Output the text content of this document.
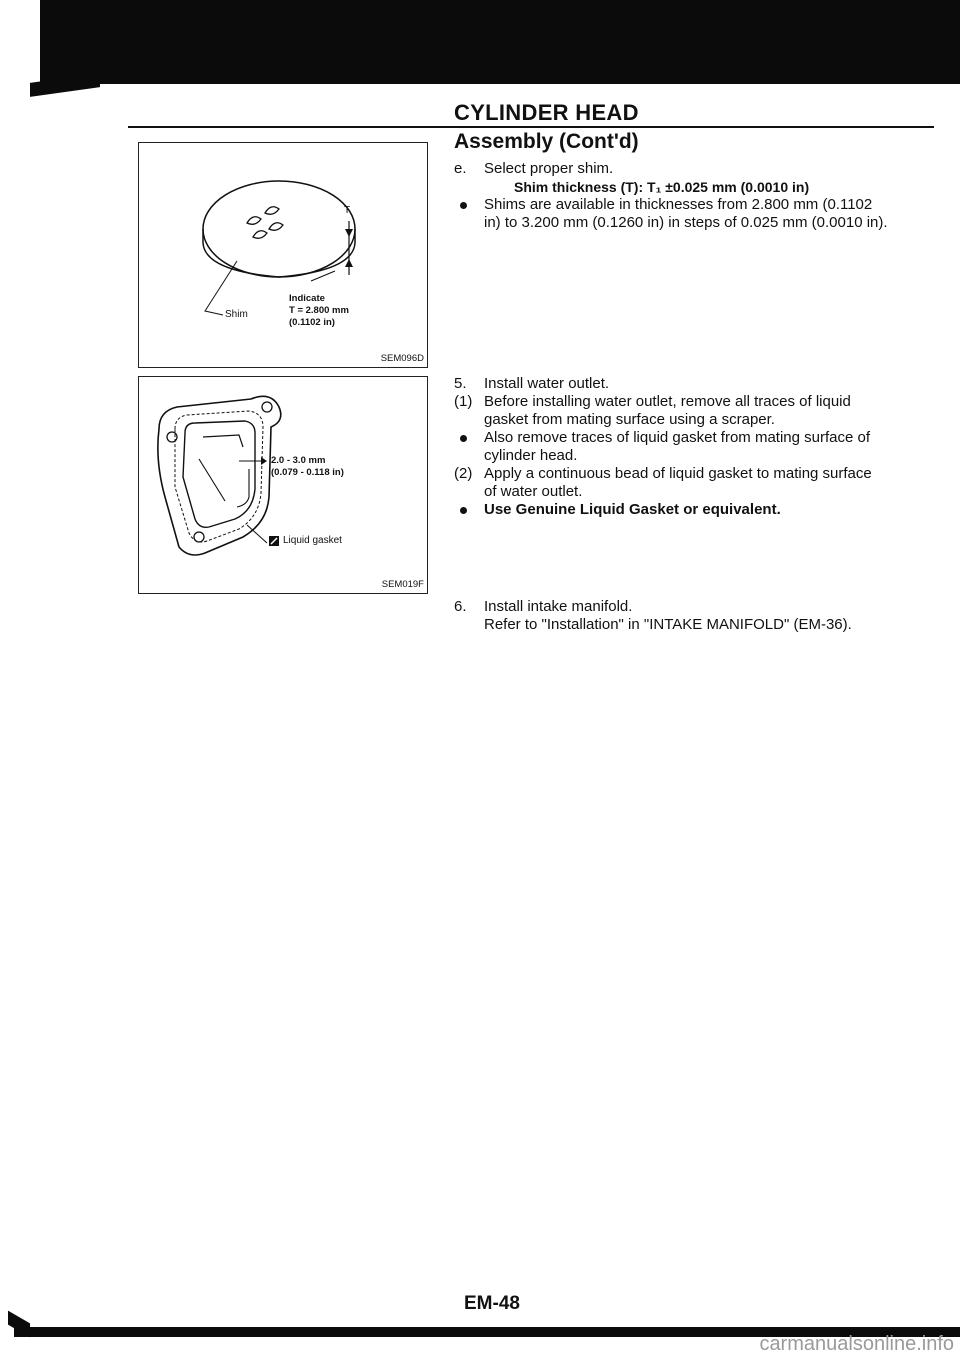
CYLINDER HEAD
Assembly (Cont'd)
T
Indicate
T = 2.800 mm
(0.1102 in)
Shim
SEM096D
2.0 - 3.0 mm
(0.079 - 0.118 in)
Liquid gasket
SEM019F

e.	Select proper shim.

Shim thickness (T): T₁ ±0.025 mm (0.0010 in)

Shims are available in thicknesses from 2.800 mm (0.1102

in) to 3.200 mm (0.1260 in) in steps of 0.025 mm (0.0010 in).

5.	Install water outlet.

(1) Before installing water outlet, remove all traces of liquid

gasket from mating surface using a scraper.

Also remove traces of liquid gasket from mating surface of

cylinder head.

(2) Apply a continuous bead of liquid gasket to mating surface

of water outlet.

Use Genuine Liquid Gasket or equivalent.

6.	Install intake manifold.

Refer to "Installation" in "INTAKE MANIFOLD" (EM-36).

EM-48
carmanualsonline.info
